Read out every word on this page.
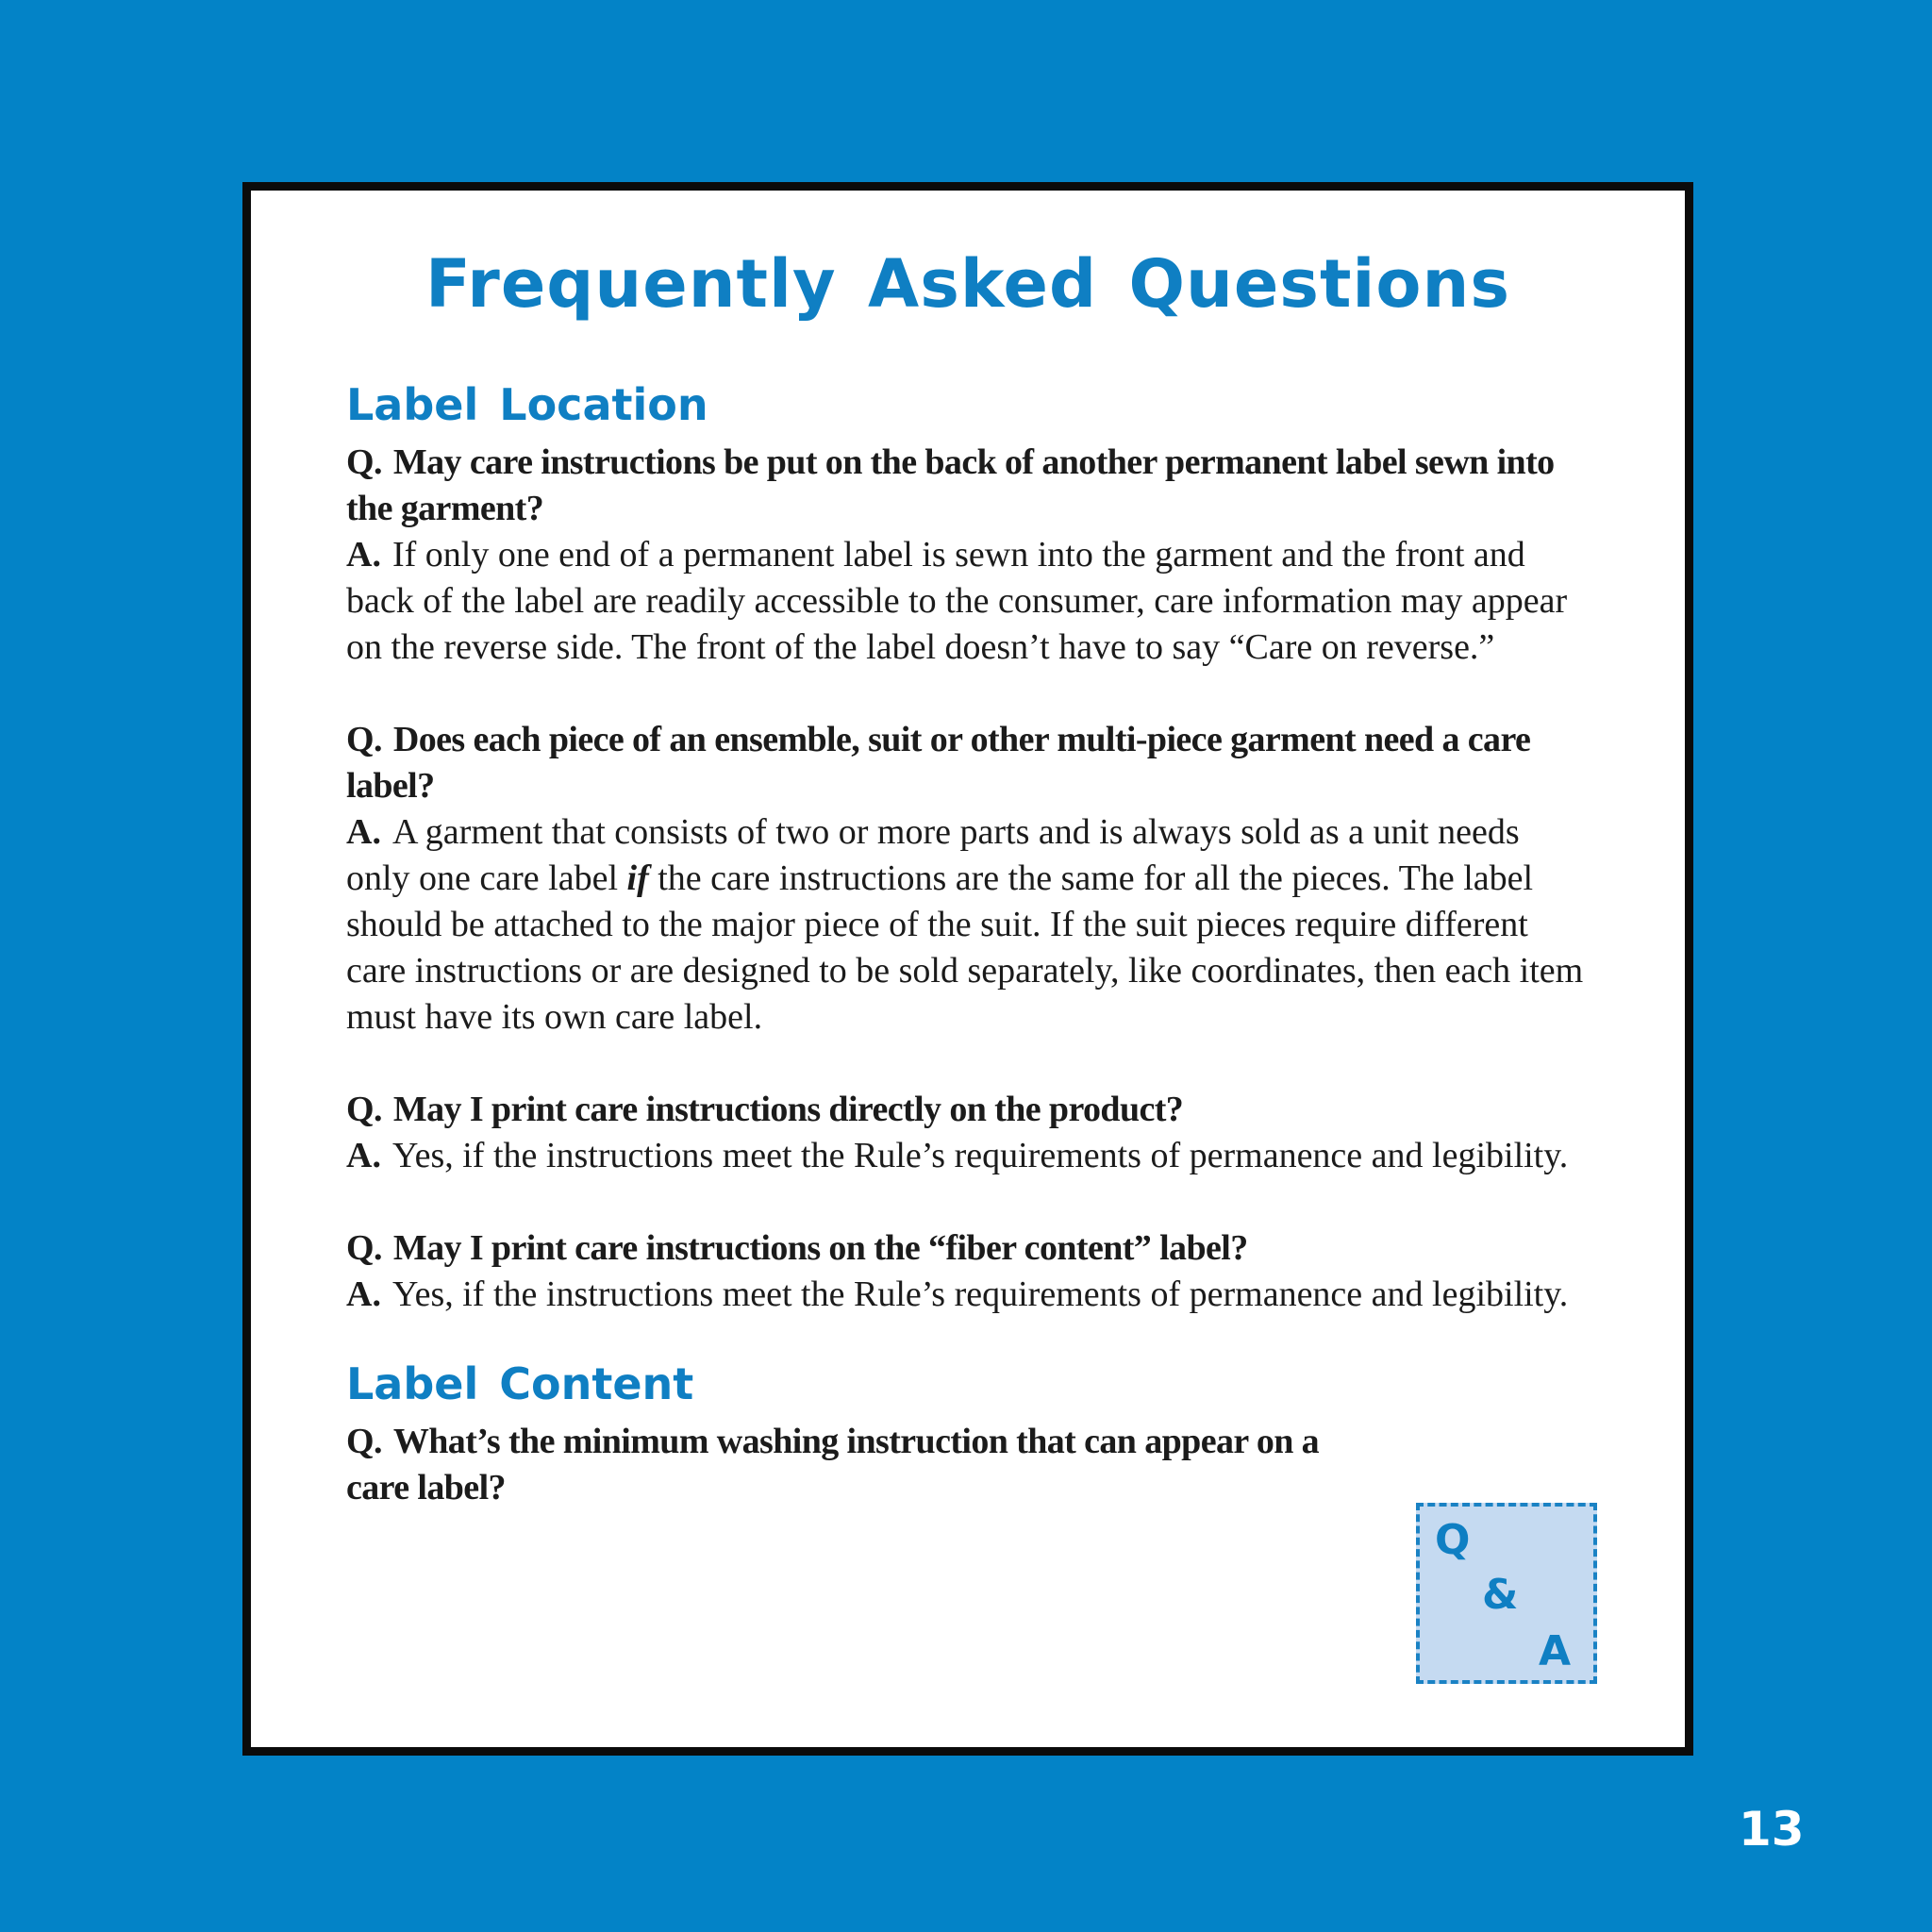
Frequently Asked Questions
Label Location

Q. May care instructions be put on the back of another permanent label sewn into the garment?

A. If only one end of a permanent label is sewn into the garment and the front and back of the label are readily accessible to the consumer, care information may appear on the reverse side. The front of the label doesn’t have to say “Care on reverse.”

Q. Does each piece of an ensemble, suit or other multi-piece garment need a care label?

A. A garment that consists of two or more parts and is always sold as a unit needs only one care label if the care instructions are the same for all the pieces. The label should be attached to the major piece of the suit. If the suit pieces require different care instructions or are designed to be sold separately, like coordinates, then each item must have its own care label.

Q. May I print care instructions directly on the product?

A. Yes, if the instructions meet the Rule’s requirements of permanence and legibility.

Q. May I print care instructions on the “fiber content” label?

A. Yes, if the instructions meet the Rule’s requirements of permanence and legibility.

Label Content

Q. What’s the minimum washing instruction that can appear on a care label?

Q
&
A
13
